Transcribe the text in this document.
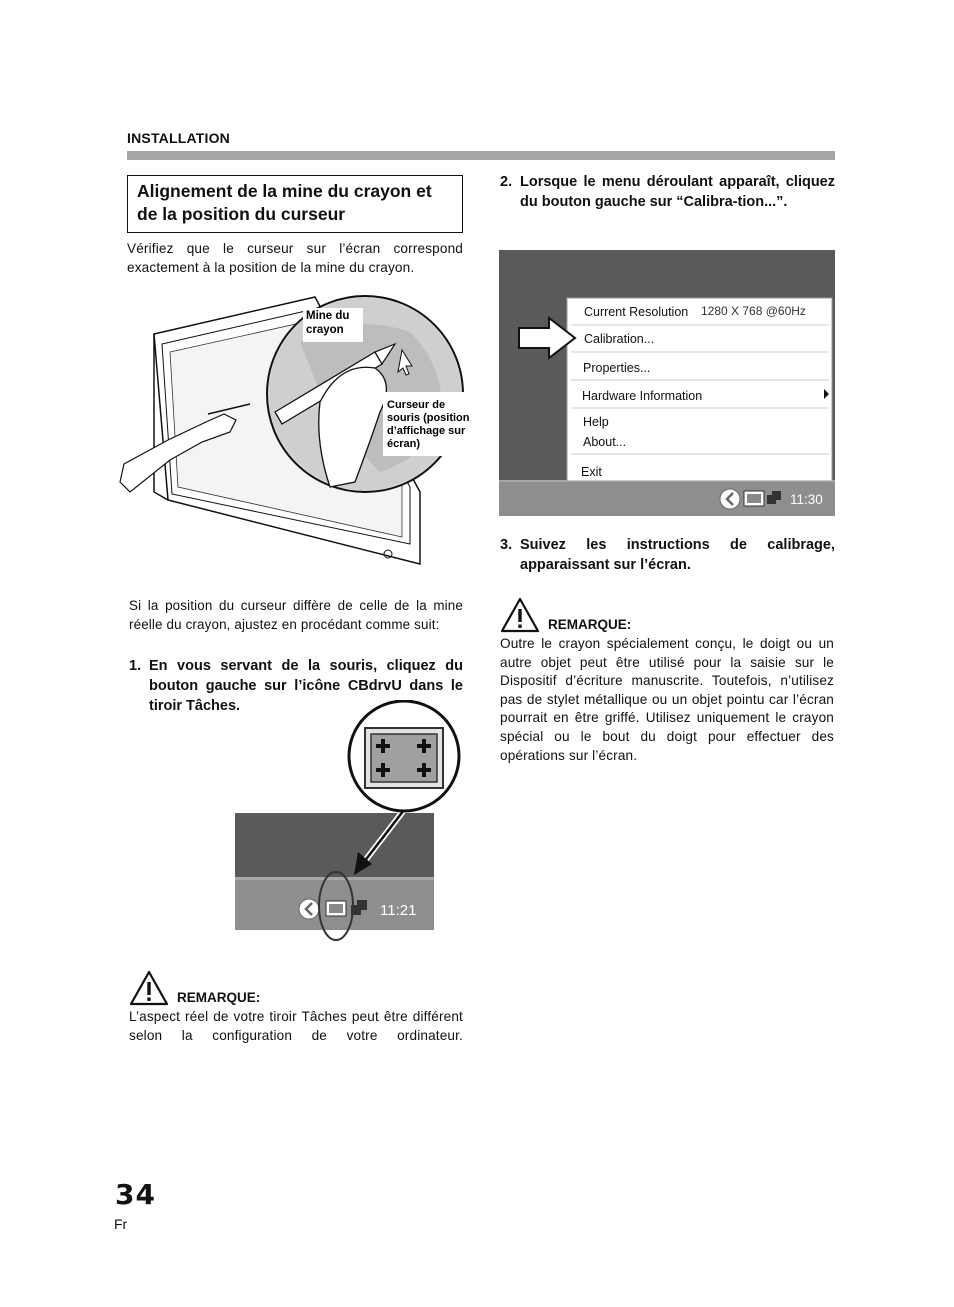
INSTALLATION
Alignement de la mine du crayon et de la position du curseur
Vérifiez que le curseur sur l’écran correspond exactement à la position de la mine du crayon.
Mine du
crayon
Curseur de
souris (position
d’affichage sur
écran)
Si la position du curseur diffère de celle de la mine réelle du crayon, ajustez en procédant comme suit:
1. En vous servant de la souris, cliquez du bouton gauche sur l’icône CBdrvU dans le tiroir Tâches.
11:21
REMARQUE:
L’aspect réel de votre tiroir Tâches peut être différent selon la configuration de votre ordinateur.
2. Lorsque le menu déroulant apparaît, cliquez du bouton gauche sur “Calibra-tion...”.
Current Resolution 1280 X 768 @60Hz
Calibration...
Properties...
Hardware Information
Help
About...
Exit
11:30
3. Suivez les instructions de calibrage, apparaissant sur l’écran.
REMARQUE:
Outre le crayon spécialement conçu, le doigt ou un autre objet peut être utilisé pour la saisie sur le Dispositif d’écriture manuscrite. Toutefois, n’utilisez pas de stylet métallique ou un objet pointu car l’écran pourrait en être griffé. Utilisez uniquement le crayon spécial ou le bout du doigt pour effectuer des opérations sur l’écran.
34
Fr
